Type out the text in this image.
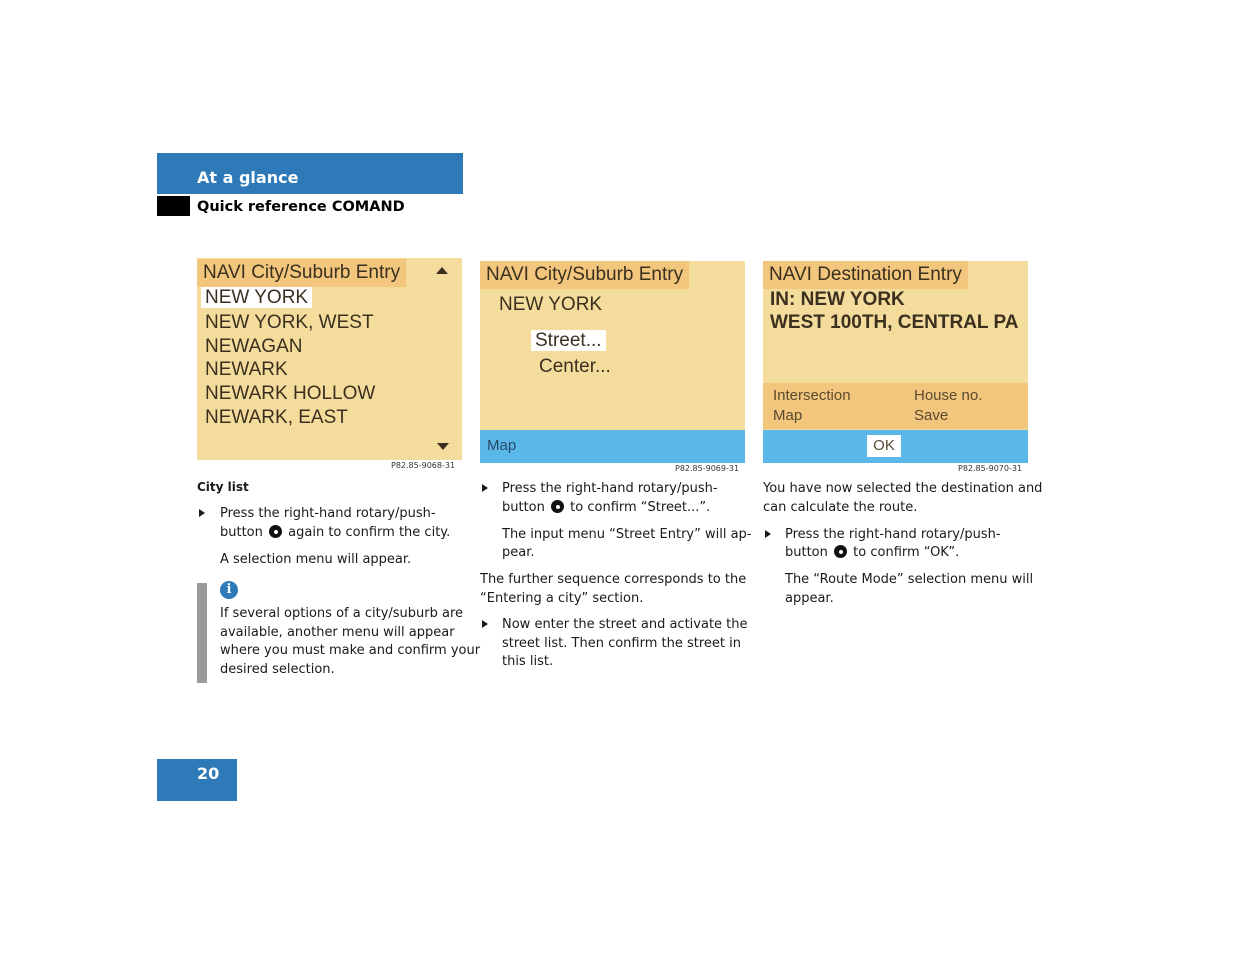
At a glance
Quick reference COMAND
NAVI City/Suburb Entry
NEW YORK
NEW YORK, WEST
NEWAGAN
NEWARK
NEWARK HOLLOW
NEWARK, EAST
P82.85-9068-31
NAVI City/Suburb Entry
NEW YORK
Street...
Center...
Map
P82.85-9069-31
NAVI Destination Entry
IN: NEW YORK
WEST 100TH, CENTRAL PA
Intersection	House no.
Map	Save
OK
P82.85-9070-31
City list
Press the right-hand rotary/push-
button again to confirm the city.
A selection menu will appear.
i
If several options of a city/suburb are
available, another menu will appear
where you must make and confirm your
desired selection.
Press the right-hand rotary/push-
button to confirm “Street...”.
The input menu “Street Entry” will ap-
pear.
The further sequence corresponds to the
“Entering a city” section.
Now enter the street and activate the
street list. Then confirm the street in
this list.
You have now selected the destination and
can calculate the route.
Press the right-hand rotary/push-
button to confirm “OK”.
The “Route Mode” selection menu will
appear.
20
